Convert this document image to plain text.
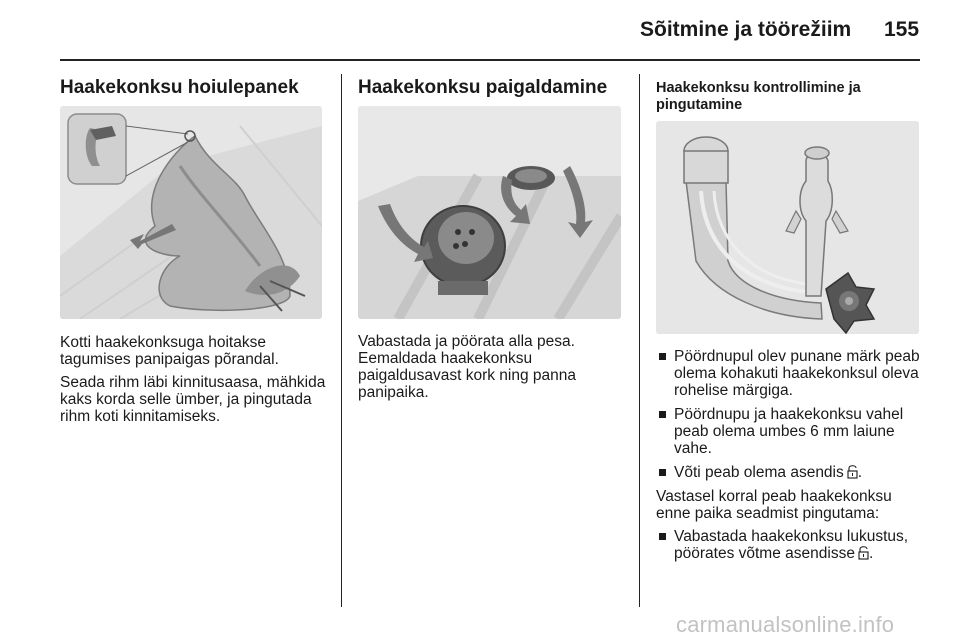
Sõitmine ja töörežiim 155
Haakekonksu hoiulepanek

Kotti haakekonksuga hoitakse tagumises panipaigas põrandal.

Seada rihm läbi kinnitusaasa, mähkida kaks korda selle ümber, ja pingutada rihm koti kinnitamiseks.

Haakekonksu paigaldamine

Vabastada ja pöörata alla pesa. Eemaldada haakekonksu paigaldusavast kork ning panna panipaika.

Haakekonksu kontrollimine ja pingutamine
Pöördnupul olev punane märk peab olema kohakuti haakekonksul oleva rohelise märgiga.
Pöördnupu ja haakekonksu vahel peab olema umbes 6 mm laiune vahe.
Võti peab olema asendis .

Vastasel korral peab haakekonksu enne paika seadmist pingutama:

Vabastada haakekonksu lukustus, pöörates võtme asendisse .
carmanualsonline.info
